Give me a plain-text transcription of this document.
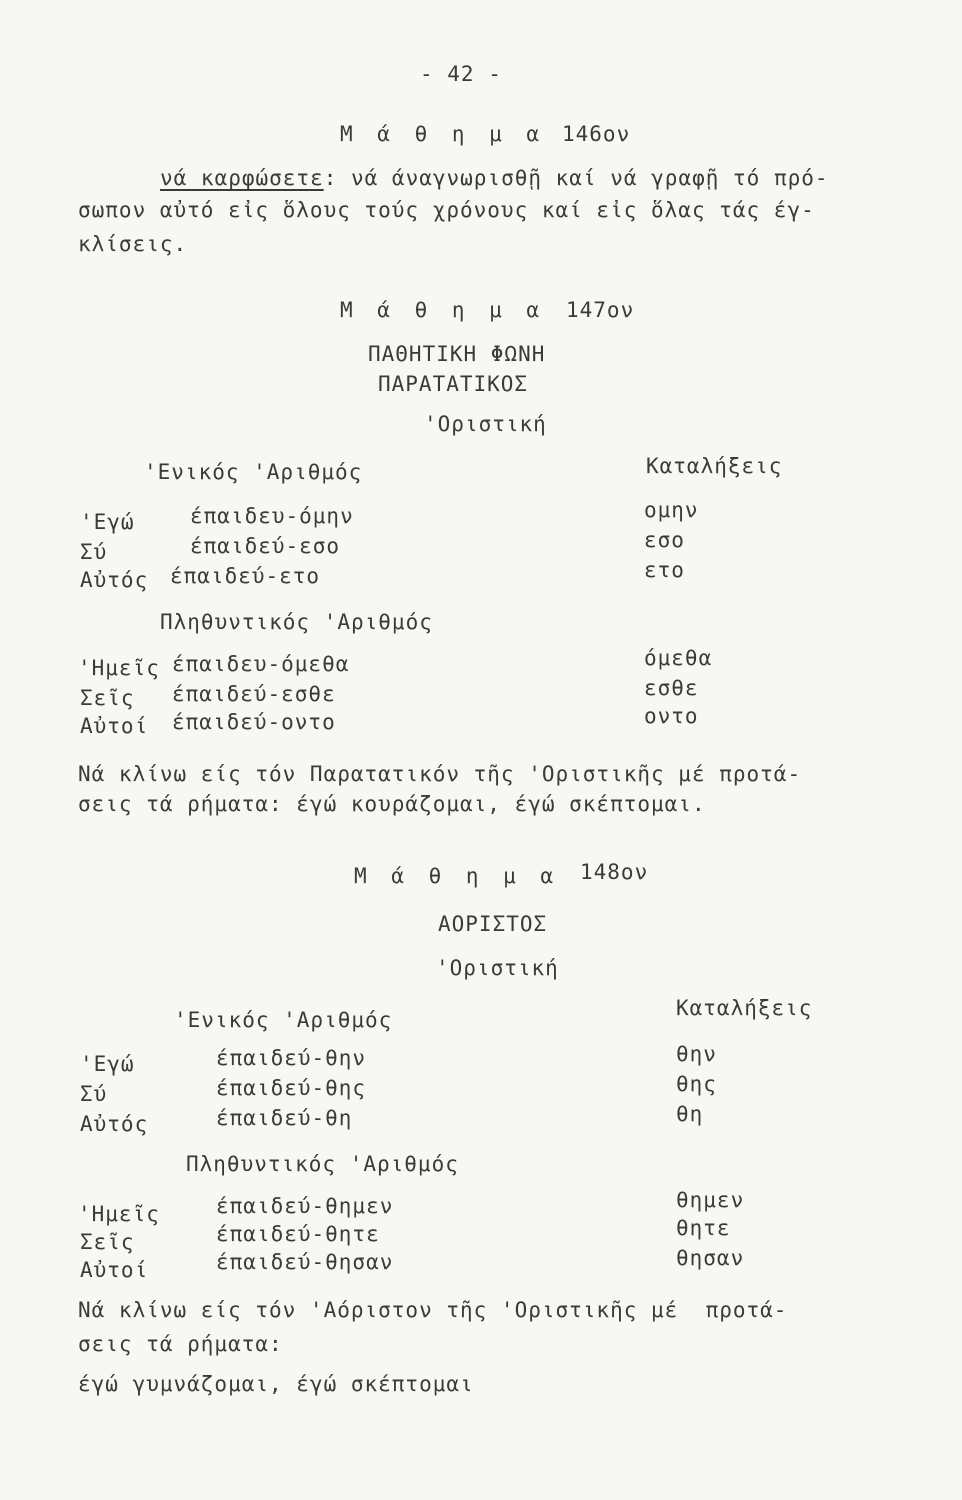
- 42 -
Μ ά θ η μ α 146ον
νά καρφώσετε: νά άναγνωρισθῇ καί νά γραφῇ τό πρό-
σωπον αὐτό εἰς ὅλους τούς χρόνους καί εἰς ὅλας τάς έγ-
κλίσεις.
Μ ά θ η μ α 147ον
ΠΑΘΗΤΙΚΗ ΦΩΝΗ
ΠΑΡΑΤΑΤΙΚΟΣ
'Οριστική
'Ενικός 'Αριθμός	Καταλήξεις
'Εγώ	έπαιδευ-όμην	ομην
Σύ	έπαιδεύ-εσο	εσο
Αὐτός έπαιδεύ-ετο	ετο
Πληθυντικός 'Αριθμός
'Ημεῖς έπαιδευ-όμεθα	όμεθα
Σεῖς έπαιδεύ-εσθε	εσθε
Αὐτοί έπαιδεύ-οντο	οντο
Νά κλίνω είς τόν Παρατατικόν τῆς 'Οριστικῆς μέ προτά-
σεις τά ρήματα: έγώ κουράζομαι, έγώ σκέπτομαι.
Μ ά θ η μ α 148ον
ΑΟΡΙΣΤΟΣ
'Οριστική
'Ενικός 'Αριθμός	Καταλήξεις
'Εγώ	έπαιδεύ-θην	θην
Σύ	έπαιδεύ-θης	θης
Αὐτός	έπαιδεύ-θη	θη
Πληθυντικός 'Αριθμός
'Ημεῖς	έπαιδεύ-θημεν	θημεν
Σεῖς	έπαιδεύ-θητε	θητε
Αὐτοί	έπαιδεύ-θησαν	θησαν
Νά κλίνω είς τόν 'Αόριστον τῆς 'Οριστικῆς μέ  προτά-
σεις τά ρήματα:
έγώ γυμνάζομαι, έγώ σκέπτομαι
